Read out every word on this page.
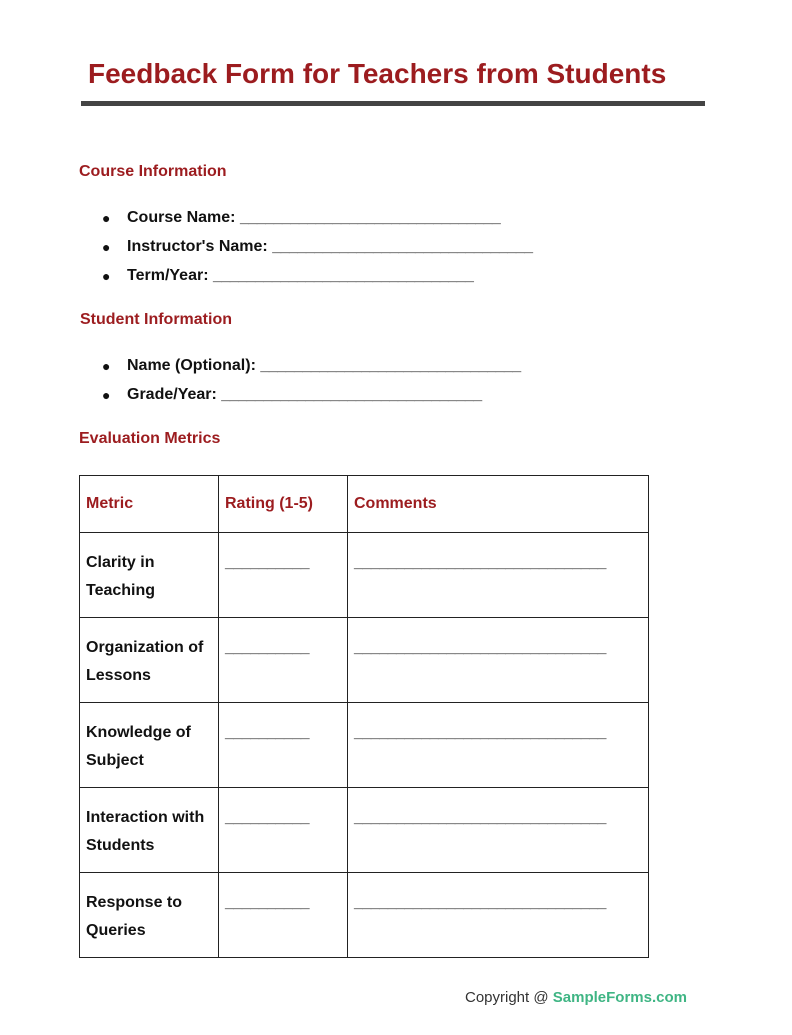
Feedback Form for Teachers from Students
Course Information
● Course Name: _______________________________
● Instructor's Name: _______________________________
● Term/Year: _______________________________
Student Information
● Name (Optional): _______________________________
● Grade/Year: _______________________________
Evaluation Metrics
Metric	Rating (1-5)	Comments
Clarity in Teaching	__________	______________________________
Organization of Lessons	__________	______________________________
Knowledge of Subject	__________	______________________________
Interaction with Students	__________	______________________________
Response to Queries	__________	______________________________
Copyright @ SampleForms.com
